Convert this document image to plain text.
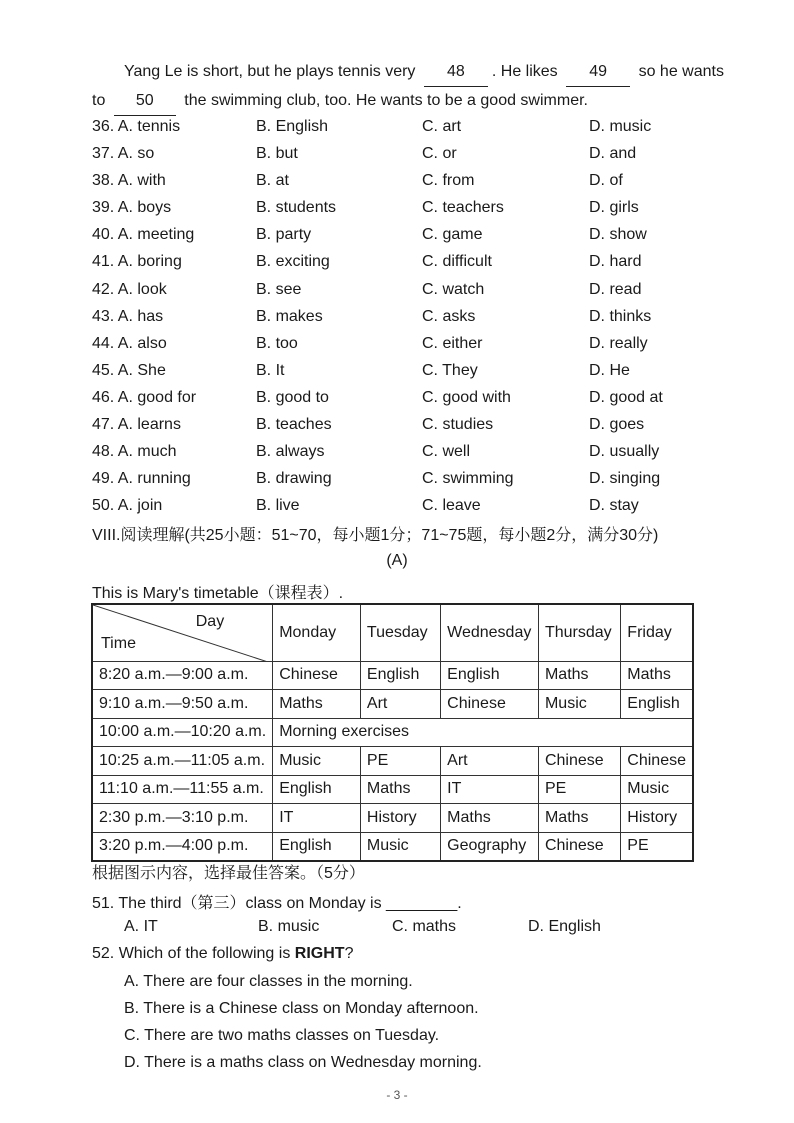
Yang Le is short, but he plays tennis very 48 . He likes 49 so he wants
to 50 the swimming club, too. He wants to be a good swimmer.
36. A. tennis	B. English	C. art	D. music
37. A. so	B. but	C. or	D. and
38. A. with	B. at	C. from	D. of
39. A. boys	B. students	C. teachers	D. girls
40. A. meeting	B. party	C. game	D. show
41. A. boring	B. exciting	C. difficult	D. hard
42. A. look	B. see	C. watch	D. read
43. A. has	B. makes	C. asks	D. thinks
44. A. also	B. too	C. either	D. really
45. A. She	B. It	C. They	D. He
46. A. good for	B. good to	C. good with	D. good at
47. A. learns	B. teaches	C. studies	D. goes
48. A. much	B. always	C. well	D. usually
49. A. running	B. drawing	C. swimming	D. singing
50. A. join	B. live	C. leave	D. stay
VIII.阅读理解(共25小题：51~70，每小题1分；71~75题，每小题2分，满分30分)
(A)
This is Mary's timetable（课程表）.
Day
Time	Monday	Tuesday	Wednesday	Thursday	Friday
8:20 a.m.—9:00 a.m.	Chinese	English	English	Maths	Maths
9:10 a.m.—9:50 a.m.	Maths	Art	Chinese	Music	English
10:00 a.m.—10:20 a.m.	Morning exercises				
10:25 a.m.—11:05 a.m.	Music	PE	Art	Chinese	Chinese
11:10 a.m.—11:55 a.m.	English	Maths	IT	PE	Music
2:30 p.m.—3:10 p.m.	IT	History	Maths	Maths	History
3:20 p.m.—4:00 p.m.	English	Music	Geography	Chinese	PE
根据图示内容，选择最佳答案。（5分）
51. The third（第三）class on Monday is ________.
A. IT	B. music	C. maths	D. English
52. Which of the following is RIGHT?
A. There are four classes in the morning.
B. There is a Chinese class on Monday afternoon.
C. There are two maths classes on Tuesday.
D. There is a maths class on Wednesday morning.
- 3 -
